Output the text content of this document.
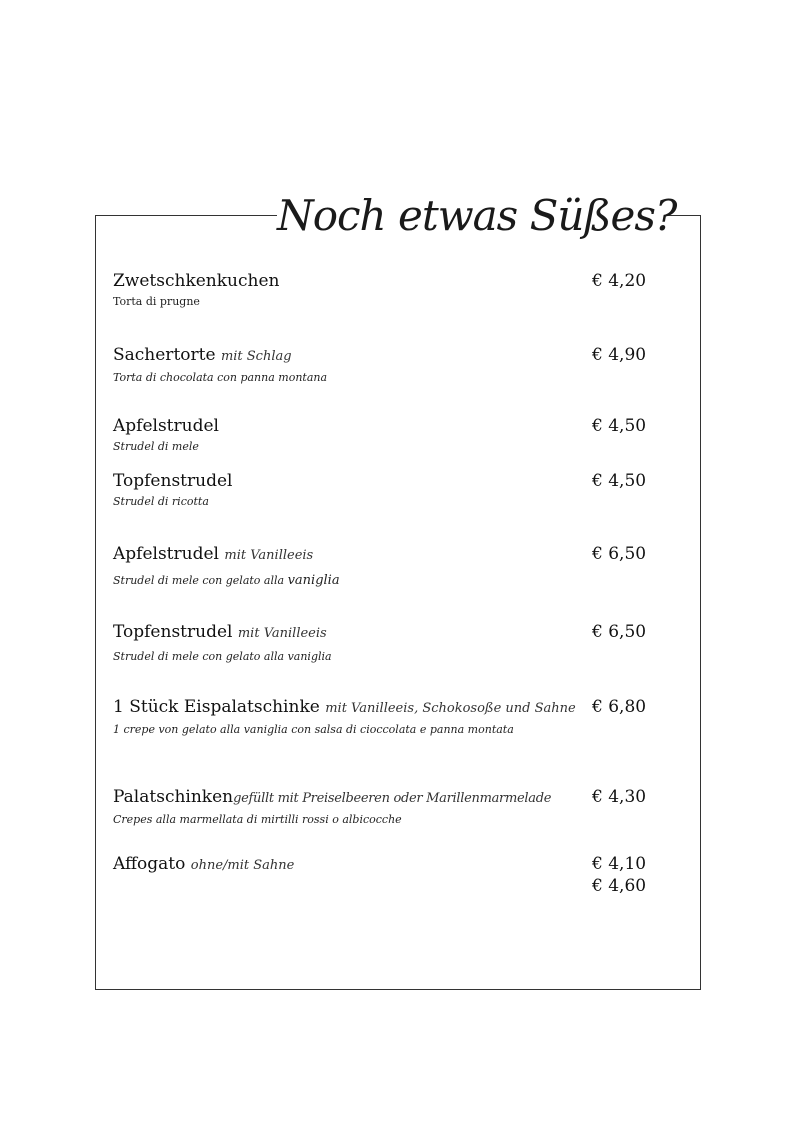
Noch etwas Süßes?
Zwetschkenkuchen
Torta di prugne
€ 4,20
Sachertorte mit Schlag
Torta di chocolata con panna montana
€ 4,90
Apfelstrudel
Strudel di mele
€ 4,50
Topfenstrudel
Strudel di ricotta
€ 4,50
Apfelstrudel mit Vanilleeis
Strudel di mele con gelato alla vaniglia
€ 6,50
Topfenstrudel mit Vanilleeis
Strudel di mele con gelato alla vaniglia
€ 6,50
1 Stück Eispalatschinke mit Vanilleeis, Schokosoße und Sahne
1 crepe von gelato alla vaniglia con salsa di cioccolata e panna montata
€ 6,80
Palatschinkengefüllt mit Preiselbeeren oder Marillenmarmelade
Crepes alla marmellata di mirtilli rossi o albicocche
€ 4,30
Affogato ohne/mit Sahne	€ 4,10
€ 4,60
